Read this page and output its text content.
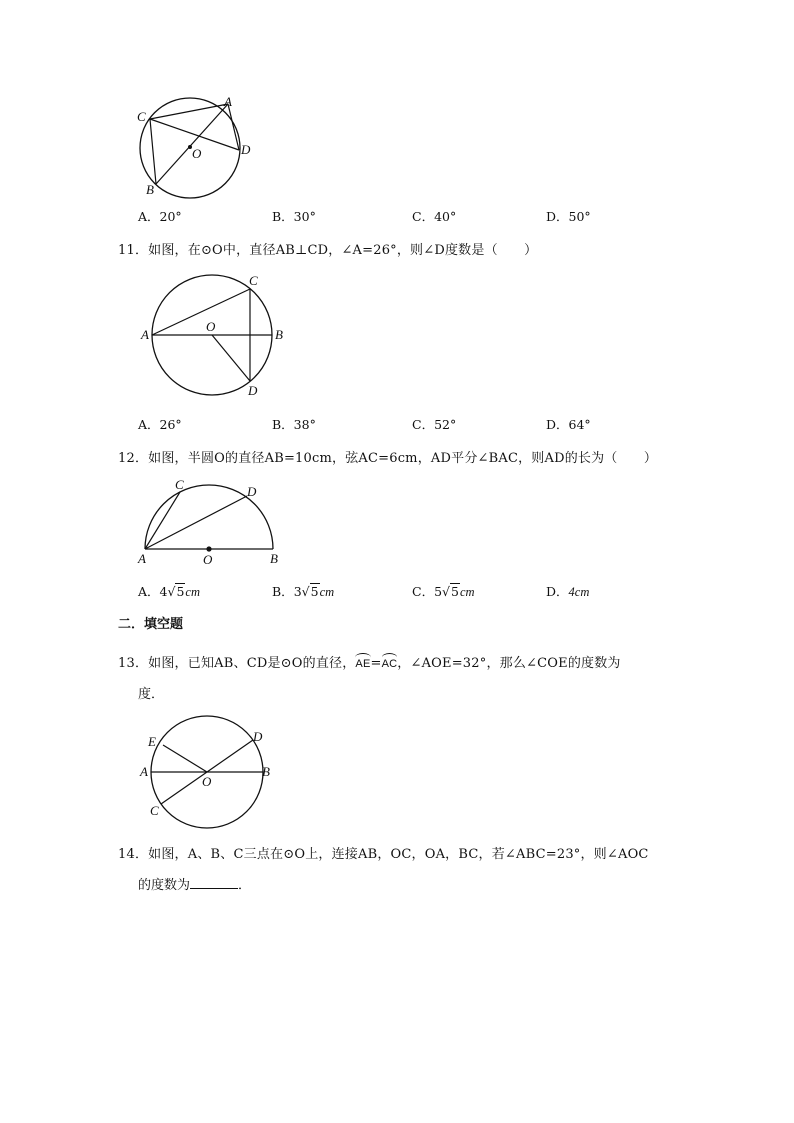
C
A
D
B
O
A．20°	B．30°	C．40°	D．50°
11．如图，在⊙O中，直径AB⊥CD，∠A=26°，则∠D度数是（　　）
A
C
B
D
O
A．26°	B．38°	C．52°	D．64°
12．如图，半圆O的直径AB=10cm，弦AC=6cm，AD平分∠BAC，则AD的长为（　　）
C	D
A	O	B
A．4√5cm	B．3√5cm	C．5√5cm	D．4cm
二．填空题
13．如图，已知AB、CD是⊙O的直径，AE=AC，∠AOE=32°，那么∠COE的度数为
度．
E	D
A	B
O
C
14．如图，A、B、C三点在⊙O上，连接AB，OC，OA，BC，若∠ABC=23°，则∠AOC
的度数为	．
